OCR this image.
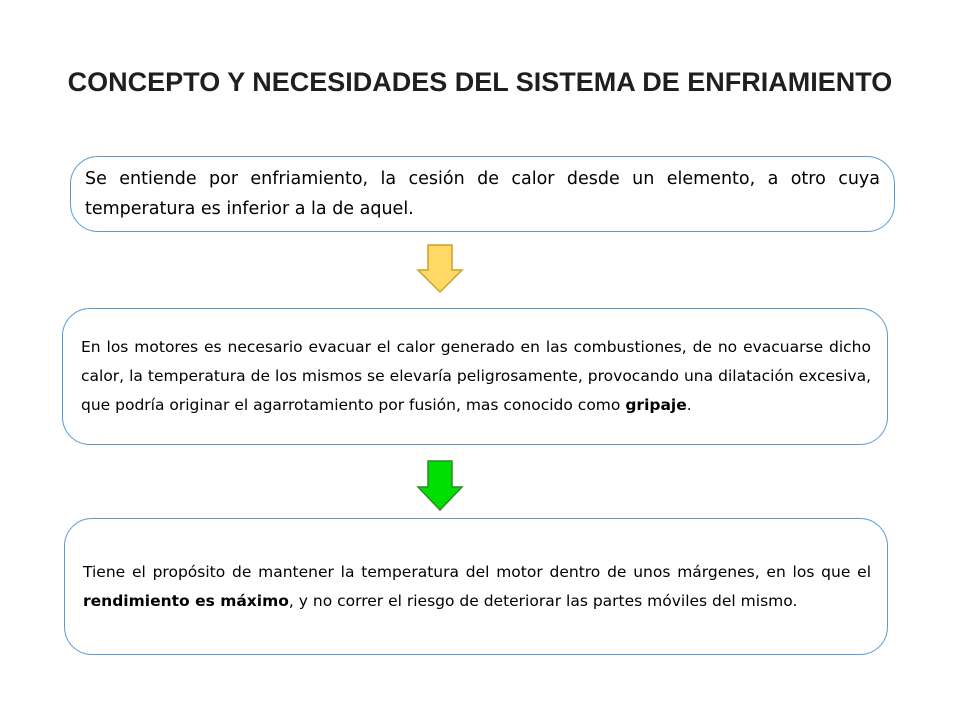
CONCEPTO Y NECESIDADES DEL SISTEMA DE ENFRIAMIENTO

Se entiende por enfriamiento, la cesión de calor desde un elemento, a otro cuya temperatura es inferior a la de aquel.

En los motores es necesario evacuar el calor generado en las combustiones, de no evacuarse dicho calor, la temperatura de los mismos se elevaría peligrosamente, provocando una dilatación excesiva, que podría originar el agarrotamiento por fusión, mas conocido como gripaje.

Tiene el propósito de mantener la temperatura del motor dentro de unos márgenes, en los que el rendimiento es máximo, y no correr el riesgo de deteriorar las partes móviles del mismo.
